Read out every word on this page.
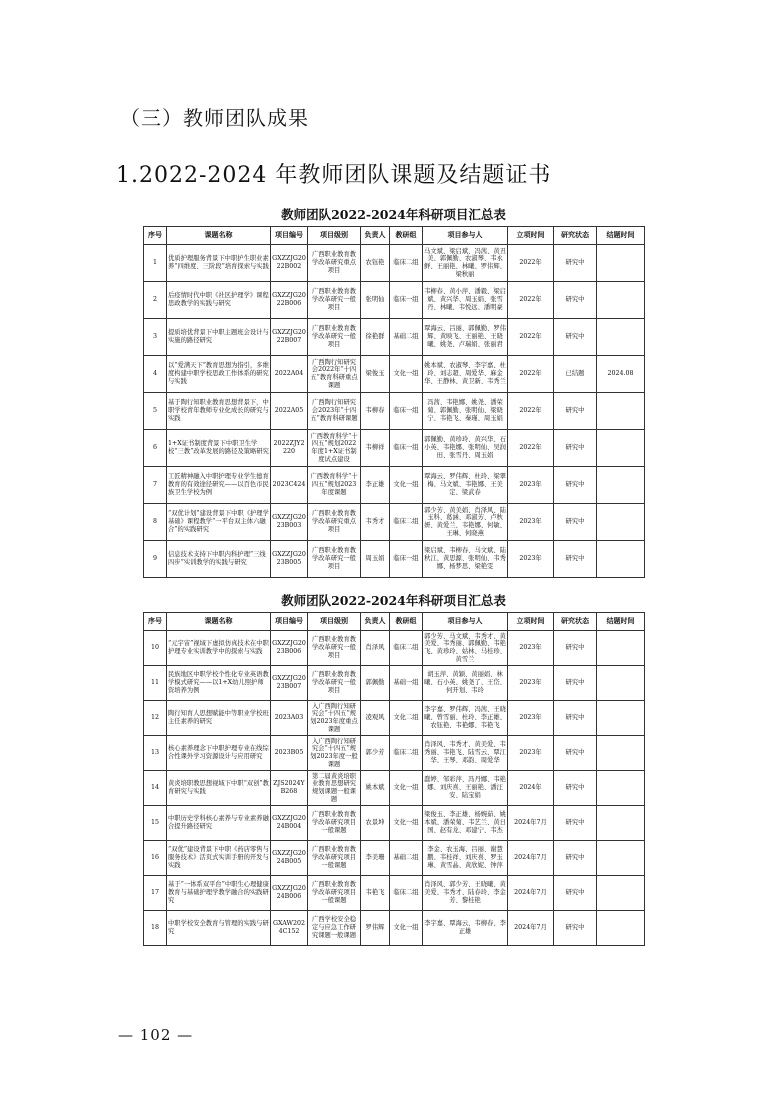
（三）教师团队成果
1.2022-2024 年教师团队课题及结题证书
教师团队2022-2024年科研项目汇总表
序号	课题名称	项目编号	项目级别	负责人	教研组	项目参与人	立项时间	研究状态	结题时间
1	优质护理服务背景下中职护生职业素养“四维度、三阶段”培育探索与实践	GXZZJG2022B002	广西职业教育教学改革研究重点项目	农钰艳	临床二组	马文斌、梁启斌、冯茜、黄丑美、郭佩勤、农淑琴、韦永鲜、王丽艳、林曦、罗伟辉、梁秋丽	2022年	研究中	
2	后疫情时代中职《社区护理学》课程思政教学的实践与研究	GXZZJG2022B006	广西职业教育教学改革研究一般项目	张明仙	临床一组	韦柳春、黄小萍、潘毅、梁启斌、黄兴华、周玉娟、张雪丹、林曦、韦悦远、潘明豪	2022年	研究中	
3	提质培优背景下中职主题班会设计与实施的路径研究	GXZZJG2022B007	广西职业教育教学改革研究一般项目	徐艳群	基础二组	覃海云、吕丽、郭佩勤、罗伟辉、黄映飞、王丽艳、王晓曦、姚尧、卢瑞娟、张丽君	2022年	研究中	
4	以“爱满天下”教育思想为指引，多维度构建中职学校思政工作体系的研究与实践	2022A04	广西陶行知研究会2022年“十四五”教育科研重点课题	梁俊玉	文化一组	姚本斌、农淑琴、李宇嘉、杜玲、刘志超、周爱华、麻金华、王静林、黄卫新、韦秀兰	2022年	已结题	2024.08
5	基于陶行知职业教育思想背景下，中职学校青年教师专业化成长的研究与实践	2022A05	广西陶行知研究会2023年“十四五”教育科研课题	韦柳春	临床一组	冯茜、韦艳娜、姚尧、潘荣菊、郭佩勤、张明仙、梁晓宁、韦艳飞、秦瑾、周玉娟	2022年	研究中	
6	1+X证书制度背景下中职卫生学校“三教”改革发展的路径及策略研究	2022ZJY2220	广西教育科学“十四五”规划2022年度1+X证书制度试点建设	韦柳祥	临床一组	郭佩勤、黄珍玲、黄兴华、石小英、韦艳娜、张明仙、吴润田、张雪丹、周玉娟	2022年	研究中	
7	工匠精神融入中职护理专业学生德育教育的有效途径研究——以百色市民族卫生学校为例	2023C424	广西教育科学“十四五”规划2023年度课题	李正雄	文化一组	覃海云、罗伟辉、杜玲、梁翠梅、马文斌、韦艳娜、王美定、梁武春	2023年	研究中	
8	“双优计划”建设背景下中职《护理学基础》课程教学“一平台双主体六融合”的实践研究	GXZZJG2023B003	广西职业教育教学改革研究重点项目	韦秀才	临床二组	郭少芳、黄美娟、肖泽风、陆玉科、葛涵、邓淑芳、卢秋妍、黄爱兰、韦艳娜、何敏、王琳、何晓燕	2023年	研究中	
9	信息技术支持下中职内科护理“三线四步”实训教学的实践与研究	GXZZJG2023B005	广西职业教育教学改革研究一般项目	周玉娟	临床一组	梁启斌、韦柳春、马文斌、陆秋江、黄思源、张明仙、韦秀娜、杨梦思、梁艳雯	2023年	研究中	
教师团队2022-2024年科研项目汇总表
序号	课题名称	项目编号	项目级别	负责人	教研组	项目参与人	立项时间	研究状态	结题时间
10	“元宇宙”视域下虚拟仿真技术在中职护理专业实训教学中的探索与实践	GXZZJG2023B006	广西职业教育教学改革研究一般项目	肖泽风	临床二组	郭少芳、马文斌、韦秀才、黄美爱、韦秀丽、郭佩勤、韦艳飞、黄珍玲、姑林、马桂珍、黄雪兰	2023年	研究中	
11	民族地区中职学校个性化专业英语教学模式研究——以1+X幼儿照护师资培养为例	GXZZJG2023B007	广西职业教育教学改革研究一般项目	郭佩勤	基础一组	胡玉萍、黄颖、黄丽娟、林曦、石小英、姚尧了、王岱、何开划、韦玲	2023年	研究中	
12	陶行知育人思想赋能中等职业学校班主任素养的研究	2023A03	入广西陶行知研究会“十四五”规划2023年度重点课题	凌观风	文化二组	李宇嘉、罗伟辉、冯茜、王晓曦、曾雪丽、杜玲、李正雄、农钰艳、韦艳娜、韦艳飞	2023年	研究中	
13	核心素养理念下中职护理专业在线综合性课外学习资源设计与应用研究	2023B05	入广西陶行知研究会“十四五”规划2023年度一般课题	郭少芳	临床二组	肖泽风、韦秀才、黄美爱、韦秀丽、韦艳飞、陆雪云、覃江华、王琴、邓韵、周爱华	2023年	研究中	
14	黄炎培职教思想视域下中职“双创”教育研究与实践	ZJS2024YB268	第二届黄炎培职业教育思想研究规划课题一般课题	姚本斌	文化一组	蠢婷、邹彩萍、冯丹娜、韦艳娜、刘庆喜、王丽艳、潘汪安、陆宝娟	2024年	研究中	
15	中职历史学科核心素养与专业素养融合提升路径研究	GXZZJG2024B004	广西职业教育教学改革研究项目一般课题	农景坤	文化一组	梁俊玉、李正雄、杨婉茹、姚本斌、潘荣菊、韦艺兰、黄日国、赵有龙、邓建宁、韦杰	2024年7月	研究中	
16	“双优”建设背景下中职《药店零售与服务技术》活页式实训手册的开发与实践	GXZZJG2024B005	广西职业教育教学改革研究项目一般课题	李美珊	基础二组	李金、农玉海、吕丽、谢慧鹏、韦桂祥、刘庆喜、罗玉琳、黄雪晶、黄欣妮、钟萍	2024年7月	研究中	
17	基于“一体系双平台”中职生心理健康教育与基础护理学教学融合的实践研究	GXZZJG2024B006	广西职业教育教学改革研究项目一般课题	韦艳飞	临床二组	肖泽风、郭少芳、王晓曦、黄美爱、韦秀才、陆春玲、李金芳、黎桂艳	2024年7月	研究中	
18	中职学校安全教育与管理的实践与研究	GXAW2024C152	广西学校安全稳定与应急工作研究课题一般课题	罗伟辉	文化一组	李宇嘉、覃海云、韦柳春、李正雄	2024年7月	研究中	
— 102 —
